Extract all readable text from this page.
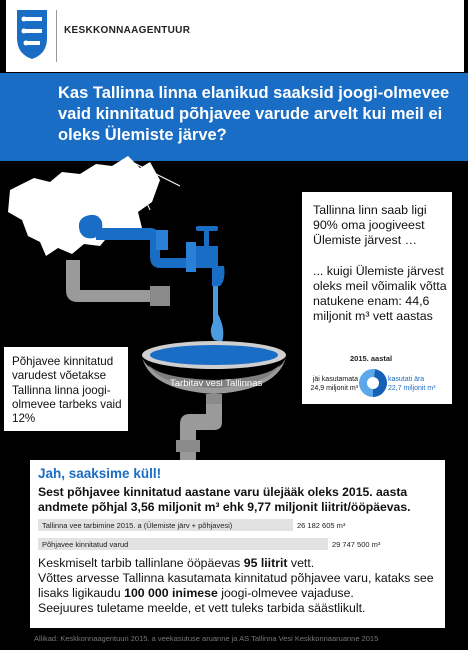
KESKKONNAAGENTUUR
Kas Tallinna linna elanikud saaksid joogi-olmevee vaid kinnitatud põhjavee varude arvelt kui meil ei oleks Ülemiste järve?
Tarbitav vesi Tallinnas
Tallinna linn saab ligi 90% oma joogiveest Ülemiste järvest …
... kuigi Ülemiste järvest oleks meil võimalik võtta natukene enam: 44,6 miljonit m³ vett aastas
2015. aastal
jäi kasutamata
24,9 miljonit m³
kasutati ära
22,7 miljonit m³
Põhjavee kinnitatud varudest võetakse Tallinna linna joogi-olmevee tarbeks vaid 12%
Jah, saaksime küll!
Sest põhjavee kinnitatud aastane varu ülejääk oleks 2015. aasta andmete põhjal 3,56 miljonit m³ ehk 9,77 miljonit liitrit/ööpäevas.
Tallinna vee tarbimine 2015. a (Ülemiste järv + põhjavesi)	26 182 605 m³
Põhjavee kinnitatud varud	29 747 500 m³
Keskmiselt tarbib tallinlane ööpäevas 95 liitrit vett.
Võttes arvesse Tallinna kasutamata kinnitatud põhjavee varu, kataks see lisaks ligikaudu 100 000 inimese joogi-olmevee vajaduse.
Seejuures tuletame meelde, et vett tuleks tarbida säästlikult.
Allikad: Keskkonnaagentuuri 2015. a veekasutuse aruanne ja AS Tallinna Vesi Keskkonnaaruanne 2015
